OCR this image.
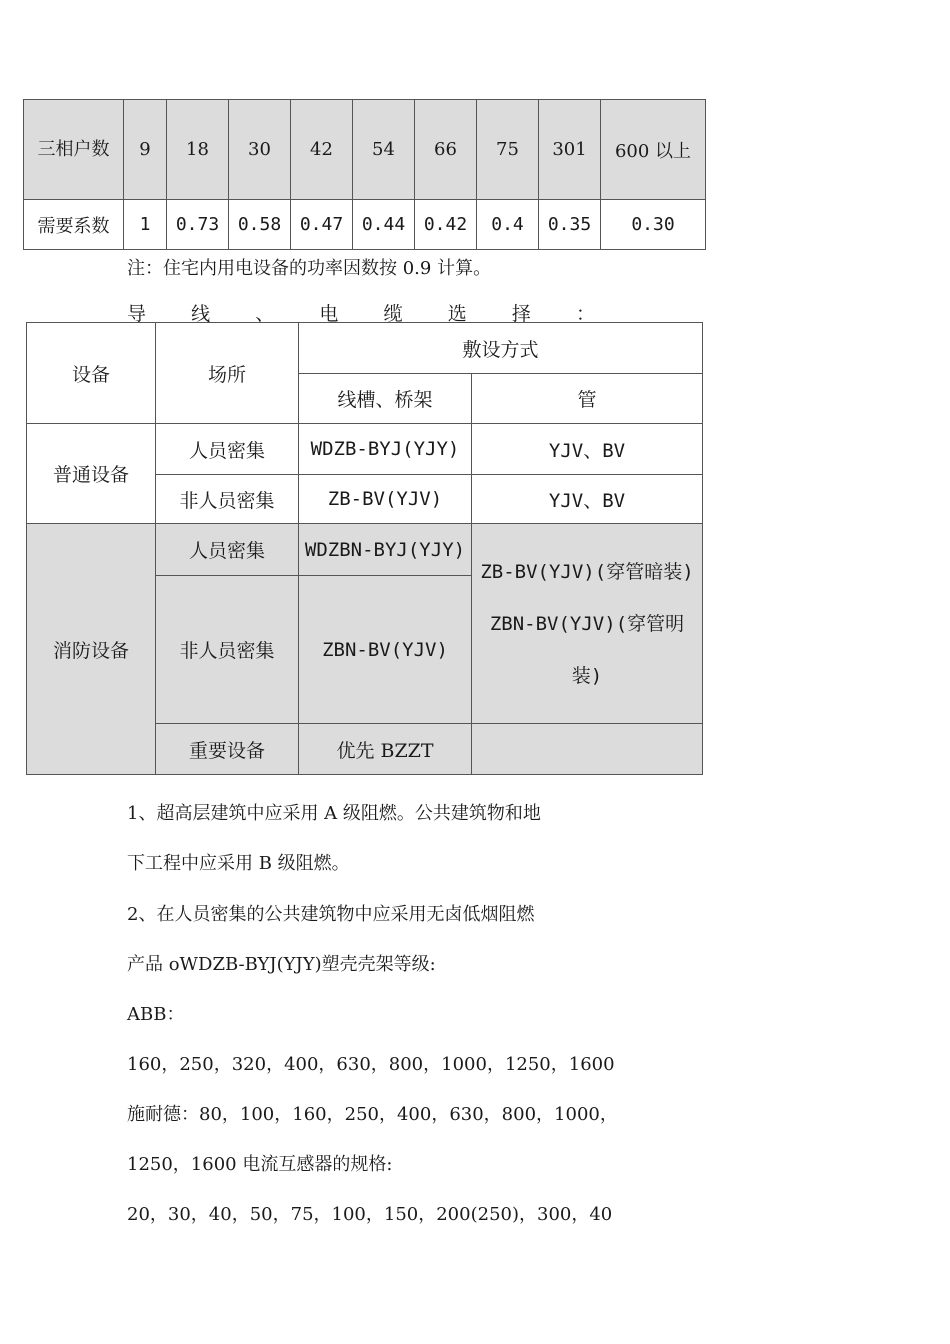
三相户数	9	18	30	42	54	66	75	301	600 以上
需要系数	1	0.73	0.58	0.47	0.44	0.42	0.4	0.35	0.30
注：住宅内用电设备的功率因数按 0.9 计算。
导 线 、 电 缆 选 择 ：
设备	场所	敷设方式	
		线槽、桥架	管
普通设备	人员密集	WDZB-BYJ(YJY)	YJV、BV
	非人员密集	ZB-BV(YJV)	YJV、BV
消防设备	人员密集	WDZBN-BYJ(YJY)	ZB-BV(YJV)(穿管暗装)
ZBN-BV(YJV)(穿管明
装)

	非人员密集	ZBN-BV(YJV)	
	重要设备	优先 BZZT	
1、超高层建筑中应采用 A 级阻燃。公共建筑物和地
下工程中应采用 B 级阻燃。
2、在人员密集的公共建筑物中应采用无卤低烟阻燃
产品 oWDZB-BYJ(YJY)塑壳壳架等级:
ABB：
160，250，320，400，630，800，1000，1250，1600
施耐德：80，100，160，250，400，630，800，1000，
1250，1600 电流互感器的规格:
20，30，40，50，75，100，150，200(250)，300，40
